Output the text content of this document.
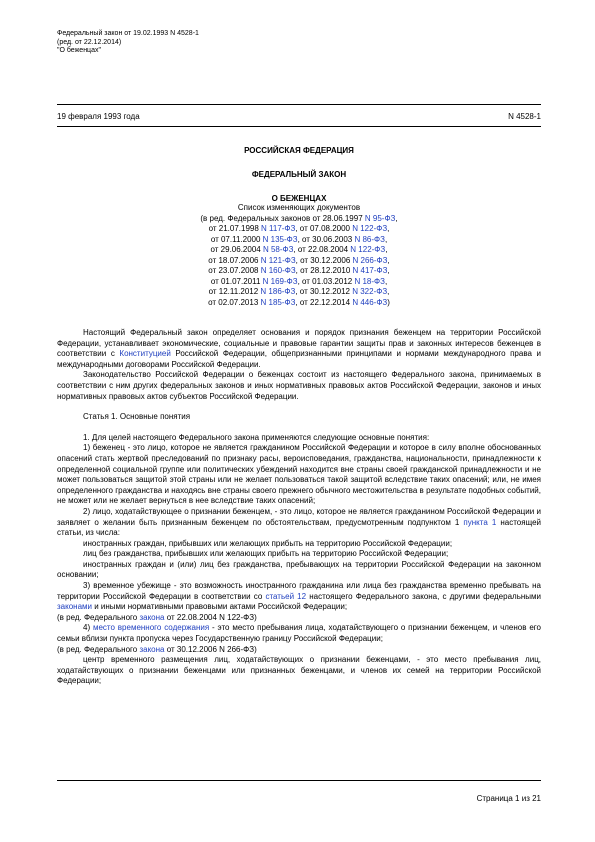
Федеральный закон от 19.02.1993 N 4528-1
(ред. от 22.12.2014)
"О беженцах"
19 февраля 1993 года	N 4528-1
РОССИЙСКАЯ ФЕДЕРАЦИЯ
ФЕДЕРАЛЬНЫЙ ЗАКОН
О БЕЖЕНЦАХ
Список изменяющих документов
(в ред. Федеральных законов от 28.06.1997 N 95-ФЗ,
от 21.07.1998 N 117-ФЗ, от 07.08.2000 N 122-ФЗ,
от 07.11.2000 N 135-ФЗ, от 30.06.2003 N 86-ФЗ,
от 29.06.2004 N 58-ФЗ, от 22.08.2004 N 122-ФЗ,
от 18.07.2006 N 121-ФЗ, от 30.12.2006 N 266-ФЗ,
от 23.07.2008 N 160-ФЗ, от 28.12.2010 N 417-ФЗ,
от 01.07.2011 N 169-ФЗ, от 01.03.2012 N 18-ФЗ,
от 12.11.2012 N 186-ФЗ, от 30.12.2012 N 322-ФЗ,
от 02.07.2013 N 185-ФЗ, от 22.12.2014 N 446-ФЗ)

Настоящий Федеральный закон определяет основания и порядок признания беженцем на территории Российской Федерации, устанавливает экономические, социальные и правовые гарантии защиты прав и законных интересов беженцев в соответствии с Конституцией Российской Федерации, общепризнанными принципами и нормами международного права и международными договорами Российской Федерации.

Законодательство Российской Федерации о беженцах состоит из настоящего Федерального закона, принимаемых в соответствии с ним других федеральных законов и иных нормативных правовых актов Российской Федерации, законов и иных нормативных правовых актов субъектов Российской Федерации.

Статья 1. Основные понятия

1. Для целей настоящего Федерального закона применяются следующие основные понятия:

1) беженец - это лицо, которое не является гражданином Российской Федерации и которое в силу вполне обоснованных опасений стать жертвой преследований по признаку расы, вероисповедания, гражданства, национальности, принадлежности к определенной социальной группе или политических убеждений находится вне страны своей гражданской принадлежности и не может пользоваться защитой этой страны или не желает пользоваться такой защитой вследствие таких опасений; или, не имея определенного гражданства и находясь вне страны своего прежнего обычного местожительства в результате подобных событий, не может или не желает вернуться в нее вследствие таких опасений;

2) лицо, ходатайствующее о признании беженцем, - это лицо, которое не является гражданином Российской Федерации и заявляет о желании быть признанным беженцем по обстоятельствам, предусмотренным подпунктом 1 пункта 1 настоящей статьи, из числа:

иностранных граждан, прибывших или желающих прибыть на территорию Российской Федерации;

лиц без гражданства, прибывших или желающих прибыть на территорию Российской Федерации;

иностранных граждан и (или) лиц без гражданства, пребывающих на территории Российской Федерации на законном основании;

3) временное убежище - это возможность иностранного гражданина или лица без гражданства временно пребывать на территории Российской Федерации в соответствии со статьей 12 настоящего Федерального закона, с другими федеральными законами и иными нормативными правовыми актами Российской Федерации;

(в ред. Федерального закона от 22.08.2004 N 122-ФЗ)

4) место временного содержания - это место пребывания лица, ходатайствующего о признании беженцем, и членов его семьи вблизи пункта пропуска через Государственную границу Российской Федерации;

(в ред. Федерального закона от 30.12.2006 N 266-ФЗ)

центр временного размещения лиц, ходатайствующих о признании беженцами, - это место пребывания лиц, ходатайствующих о признании беженцами или признанных беженцами, и членов их семей на территории Российской Федерации;

Страница 1 из 21
